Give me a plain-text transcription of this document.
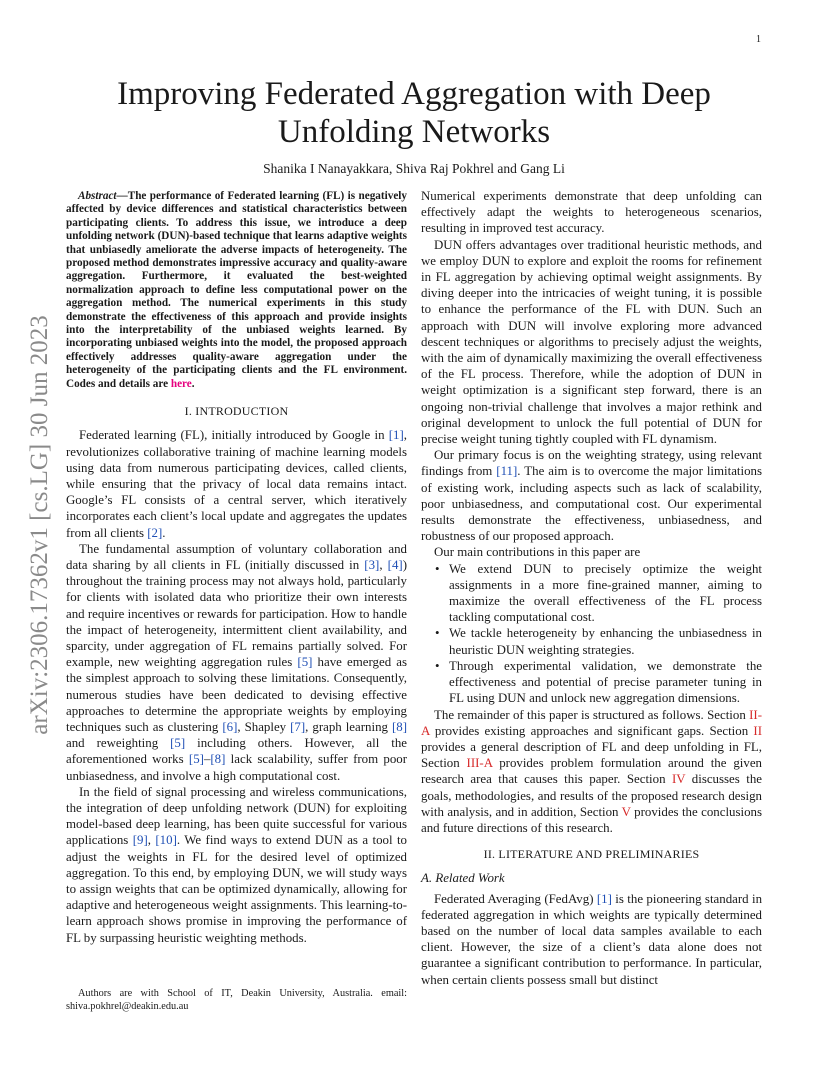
1
arXiv:2306.17362v1 [cs.LG] 30 Jun 2023
Improving Federated Aggregation with Deep Unfolding Networks

Shanika I Nanayakkara, Shiva Raj Pokhrel and Gang Li

Abstract—The performance of Federated learning (FL) is negatively affected by device differences and statistical characteristics between participating clients. To address this issue, we introduce a deep unfolding network (DUN)-based technique that learns adaptive weights that unbiasedly ameliorate the adverse impacts of heterogeneity. The proposed method demonstrates impressive accuracy and quality-aware aggregation. Furthermore, it evaluated the best-weighted normalization approach to define less computational power on the aggregation method. The numerical experiments in this study demonstrate the effectiveness of this approach and provide insights into the interpretability of the unbiased weights learned. By incorporating unbiased weights into the model, the proposed approach effectively addresses quality-aware aggregation under the heterogeneity of the participating clients and the FL environment. Codes and details are here.

I. INTRODUCTION

Federated learning (FL), initially introduced by Google in [1], revolutionizes collaborative training of machine learning models using data from numerous participating devices, called clients, while ensuring that the privacy of local data remains intact. Google’s FL consists of a central server, which iteratively incorporates each client’s local update and aggregates the updates from all clients [2].

The fundamental assumption of voluntary collaboration and data sharing by all clients in FL (initially discussed in [3], [4]) throughout the training process may not always hold, particularly for clients with isolated data who prioritize their own interests and require incentives or rewards for participation. How to handle the impact of heterogeneity, intermittent client availability, and sparcity, under aggregation of FL remains partially solved. For example, new weighting aggregation rules [5] have emerged as the simplest approach to solving these limitations. Consequently, numerous studies have been dedicated to devising effective approaches to determine the appropriate weights by employing techniques such as clustering [6], Shapley [7], graph learning [8] and reweighting [5] including others. However, all the aforementioned works [5]–[8] lack scalability, suffer from poor unbiasedness, and involve a high computational cost.

In the field of signal processing and wireless communications, the integration of deep unfolding network (DUN) for exploiting model-based deep learning, has been quite successful for various applications [9], [10]. We find ways to extend DUN as a tool to adjust the weights in FL for the desired level of optimized aggregation. To this end, by employing DUN, we will study ways to assign weights that can be optimized dynamically, allowing for adaptive and heterogeneous weight assignments. This learning-to-learn approach shows promise in improving the performance of FL by surpassing heuristic weighting methods.

Authors are with School of IT, Deakin University, Australia. email: shiva.pokhrel@deakin.edu.au

Numerical experiments demonstrate that deep unfolding can effectively adapt the weights to heterogeneous scenarios, resulting in improved test accuracy.

DUN offers advantages over traditional heuristic methods, and we employ DUN to explore and exploit the rooms for refinement in FL aggregation by achieving optimal weight assignments. By diving deeper into the intricacies of weight tuning, it is possible to enhance the performance of the FL with DUN. Such an approach with DUN will involve exploring more advanced descent techniques or algorithms to precisely adjust the weights, with the aim of dynamically maximizing the overall effectiveness of the FL process. Therefore, while the adoption of DUN in weight optimization is a significant step forward, there is an ongoing non-trivial challenge that involves a major rethink and original development to unlock the full potential of DUN for precise weight tuning tightly coupled with FL dynamism.

Our primary focus is on the weighting strategy, using relevant findings from [11]. The aim is to overcome the major limitations of existing work, including aspects such as lack of scalability, poor unbiasedness, and computational cost. Our experimental results demonstrate the effectiveness, unbiasedness, and robustness of our proposed approach.

Our main contributions in this paper are

• We extend DUN to precisely optimize the weight assignments in a more fine-grained manner, aiming to maximize the overall effectiveness of the FL process tackling computational cost.
• We tackle heterogeneity by enhancing the unbiasedness in heuristic DUN weighting strategies.
• Through experimental validation, we demonstrate the effectiveness and potential of precise parameter tuning in FL using DUN and unlock new aggregation dimensions.

The remainder of this paper is structured as follows. Section II-A provides existing approaches and significant gaps. Section II provides a general description of FL and deep unfolding in FL, Section III-A provides problem formulation around the given research area that causes this paper. Section IV discusses the goals, methodologies, and results of the proposed research design with analysis, and in addition, Section V provides the conclusions and future directions of this research.

II. LITERATURE AND PRELIMINARIES
A. Related Work

Federated Averaging (FedAvg) [1] is the pioneering standard in federated aggregation in which weights are typically determined based on the number of local data samples available to each client. However, the size of a client’s data alone does not guarantee a significant contribution to performance. In particular, when certain clients possess small but distinct
